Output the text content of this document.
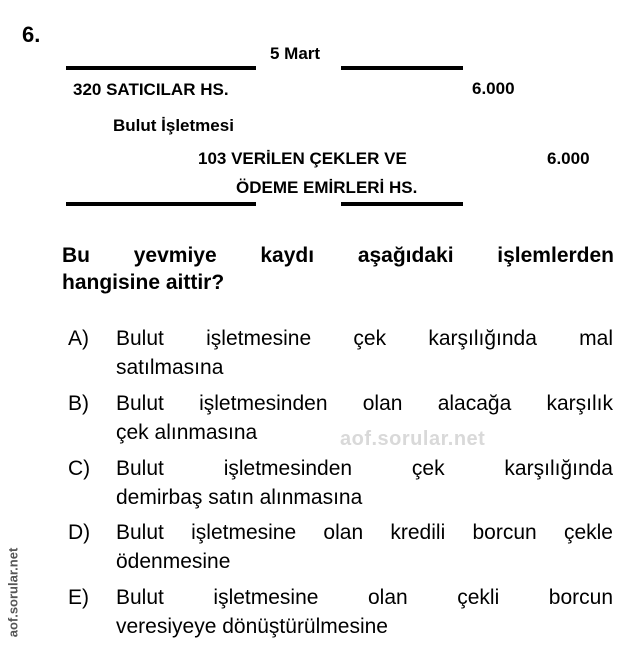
6.
5 Mart
320 SATICILAR HS.	6.000
Bulut İşletmesi
103 VERİLEN ÇEKLER VE	6.000
ÖDEME EMİRLERİ HS.
Bu yevmiye kaydı aşağıdaki işlemlerden
hangisine aittir?
A)	Bulut işletmesine çek karşılığında mal
satılmasına
B)	Bulut işletmesinden olan alacağa karşılık
çek alınmasına
C)	Bulut işletmesinden çek karşılığında
demirbaş satın alınmasına
D)	Bulut işletmesine olan kredili borcun çekle
ödenmesine
E)	Bulut işletmesine olan çekli borcun
veresiyeye dönüştürülmesine
aof.sorular.net
aof.sorular.net
